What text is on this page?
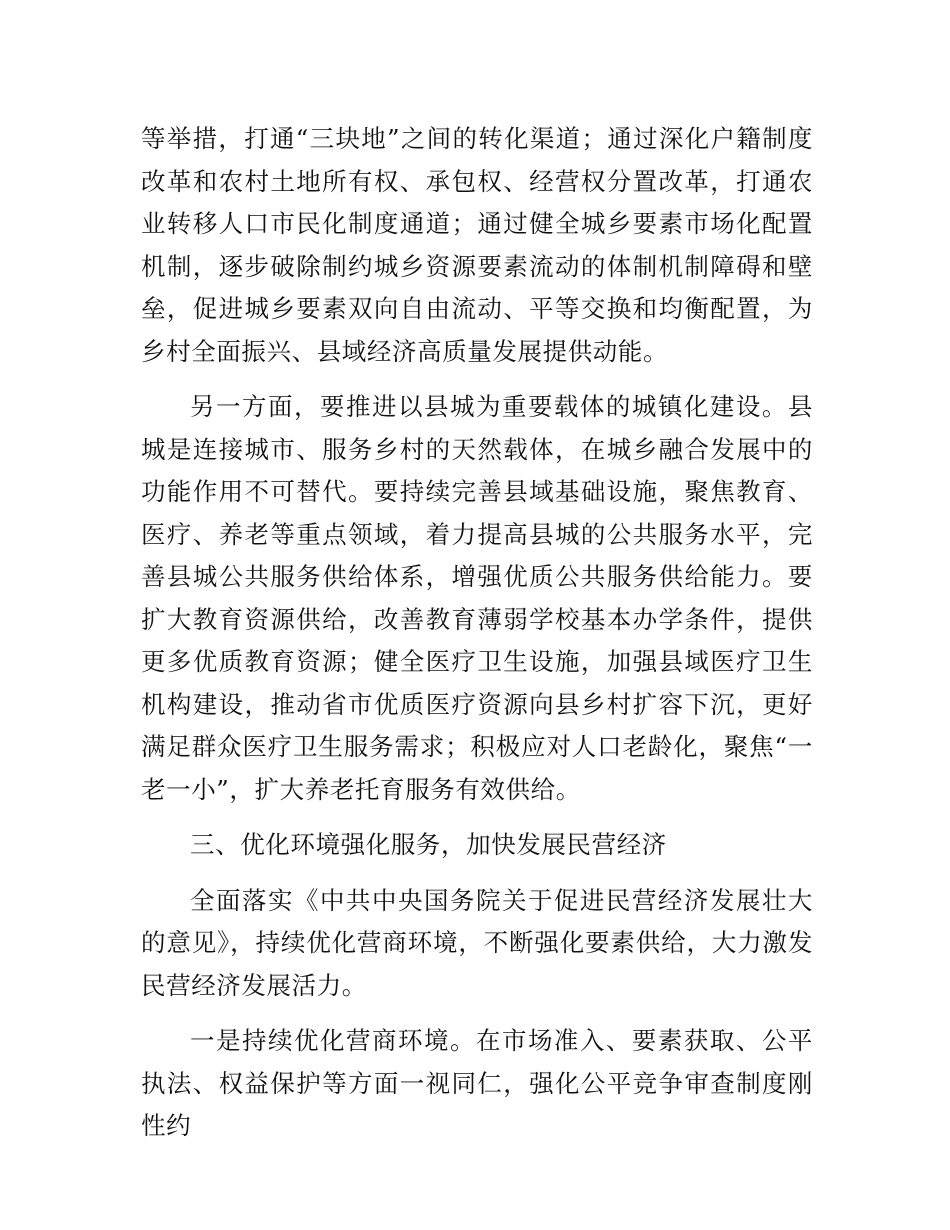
等举措，打通“三块地”之间的转化渠道；通过深化户籍制度改革和农村土地所有权、承包权、经营权分置改革，打通农业转移人口市民化制度通道；通过健全城乡要素市场化配置机制，逐步破除制约城乡资源要素流动的体制机制障碍和壁垒，促进城乡要素双向自由流动、平等交换和均衡配置，为乡村全面振兴、县域经济高质量发展提供动能。

另一方面，要推进以县城为重要载体的城镇化建设。县城是连接城市、服务乡村的天然载体，在城乡融合发展中的功能作用不可替代。要持续完善县域基础设施，聚焦教育、医疗、养老等重点领域，着力提高县城的公共服务水平，完善县城公共服务供给体系，增强优质公共服务供给能力。要扩大教育资源供给，改善教育薄弱学校基本办学条件，提供更多优质教育资源；健全医疗卫生设施，加强县域医疗卫生机构建设，推动省市优质医疗资源向县乡村扩容下沉，更好满足群众医疗卫生服务需求；积极应对人口老龄化，聚焦“一老一小”，扩大养老托育服务有效供给。

三、优化环境强化服务，加快发展民营经济

全面落实《中共中央国务院关于促进民营经济发展壮大的意见》，持续优化营商环境，不断强化要素供给，大力激发民营经济发展活力。

一是持续优化营商环境。在市场准入、要素获取、公平执法、权益保护等方面一视同仁，强化公平竞争审查制度刚性约
